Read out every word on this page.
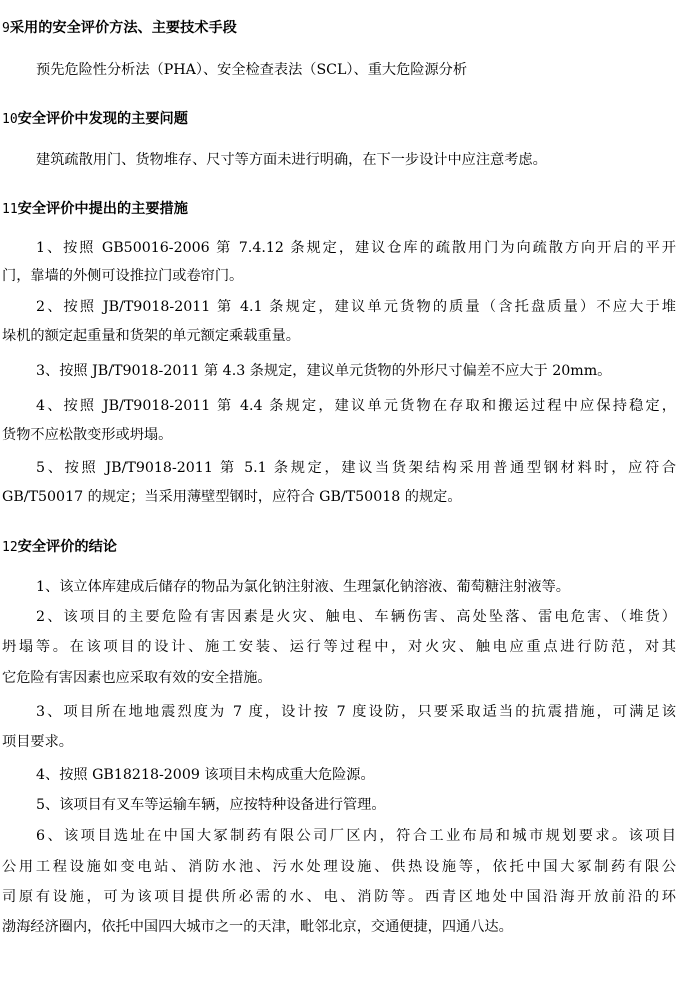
9采用的安全评价方法、主要技术手段
预先危险性分析法（PHA）、安全检查表法（SCL）、重大危险源分析
10安全评价中发现的主要问题
建筑疏散用门、货物堆存、尺寸等方面未进行明确，在下一步设计中应注意考虑。
11安全评价中提出的主要措施
1、按照 GB50016-2006 第 7.4.12 条规定，建议仓库的疏散用门为向疏散方向开启的平开
门，靠墙的外侧可设推拉门或卷帘门。
2、按照 JB/T9018-2011 第 4.1 条规定，建议单元货物的质量（含托盘质量）不应大于堆
垛机的额定起重量和货架的单元额定乘载重量。
3、按照 JB/T9018-2011 第 4.3 条规定，建议单元货物的外形尺寸偏差不应大于 20mm。
4、按照 JB/T9018-2011 第 4.4 条规定，建议单元货物在存取和搬运过程中应保持稳定，
货物不应松散变形或坍塌。
5、按照 JB/T9018-2011 第 5.1 条规定，建议当货架结构采用普通型钢材料时，应符合
GB/T50017 的规定；当采用薄壁型钢时，应符合 GB/T50018 的规定。
12安全评价的结论
1、该立体库建成后储存的物品为氯化钠注射液、生理氯化钠溶液、葡萄糖注射液等。
2、该项目的主要危险有害因素是火灾、触电、车辆伤害、高处坠落、雷电危害、（堆货）
坍塌等。在该项目的设计、施工安装、运行等过程中，对火灾、触电应重点进行防范，对其
它危险有害因素也应采取有效的安全措施。
3、项目所在地地震烈度为 7 度，设计按 7 度设防，只要采取适当的抗震措施，可满足该
项目要求。
4、按照 GB18218-2009 该项目未构成重大危险源。
5、该项目有叉车等运输车辆，应按特种设备进行管理。
6、该项目选址在中国大冢制药有限公司厂区内，符合工业布局和城市规划要求。该项目
公用工程设施如变电站、消防水池、污水处理设施、供热设施等，依托中国大冢制药有限公
司原有设施，可为该项目提供所必需的水、电、消防等。西青区地处中国沿海开放前沿的环
渤海经济圈内，依托中国四大城市之一的天津，毗邻北京，交通便捷，四通八达。
